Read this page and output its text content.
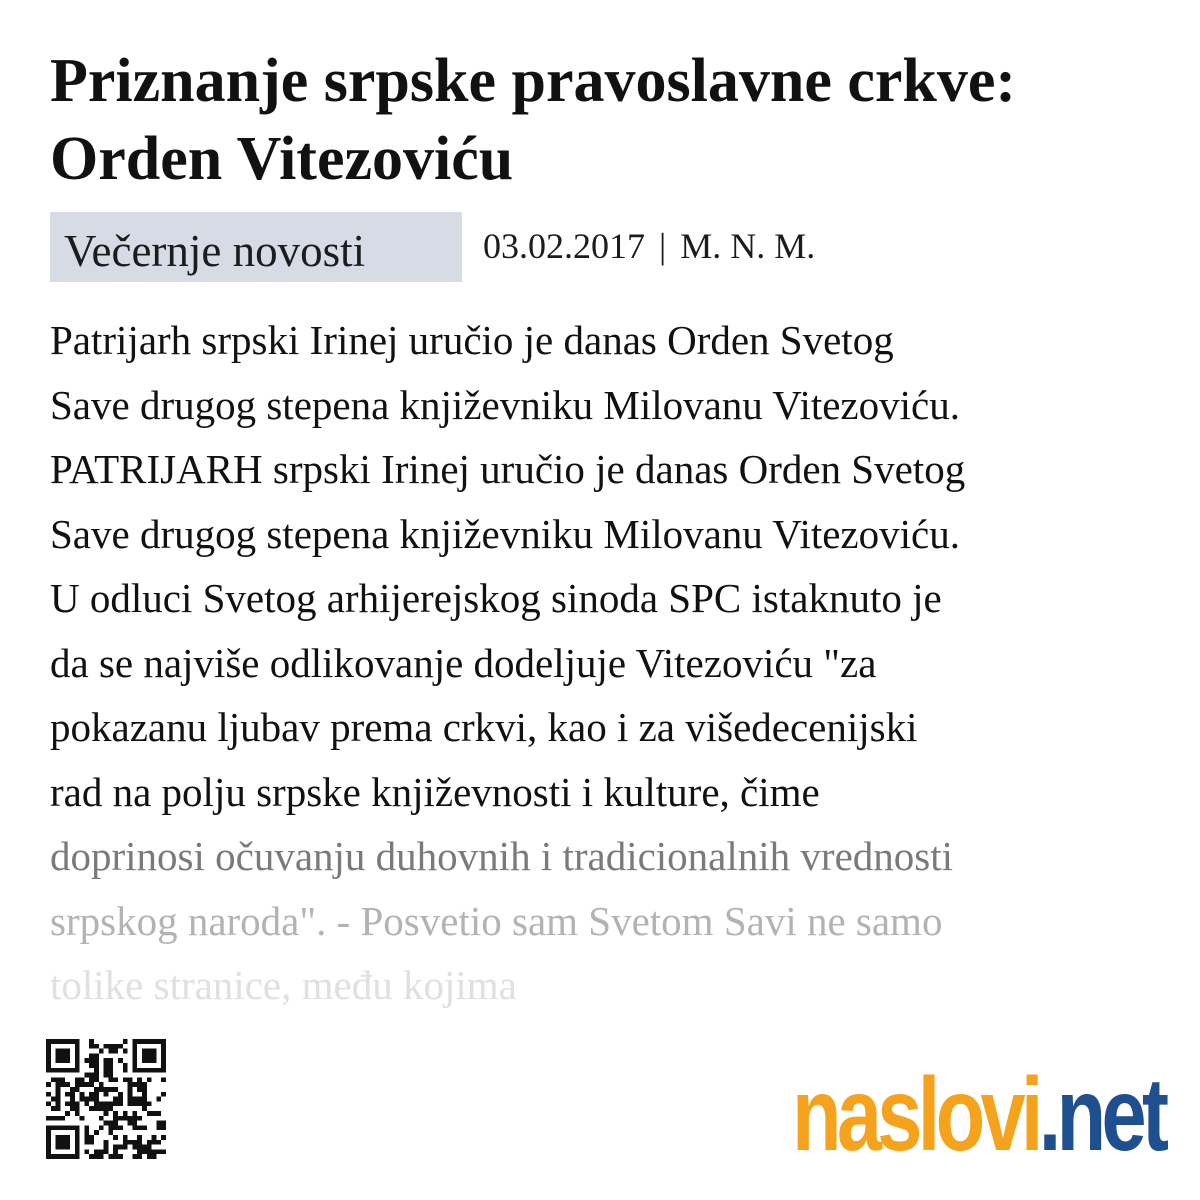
Priznanje srpske pravoslavne crkve: Orden Vitezoviću
Večernje novosti	03.02.2017 | M. N. M.
Patrijarh srpski Irinej uručio je danas Orden Svetog
Save drugog stepena književniku Milovanu Vitezoviću.
PATRIJARH srpski Irinej uručio je danas Orden Svetog
Save drugog stepena književniku Milovanu Vitezoviću.
U odluci Svetog arhijerejskog sinoda SPC istaknuto je
da se najviše odlikovanje dodeljuje Vitezoviću "za
pokazanu ljubav prema crkvi, kao i za višedecenijski
rad na polju srpske književnosti i kulture, čime
doprinosi očuvanju duhovnih i tradicionalnih vrednosti
srpskog naroda". - Posvetio sam Svetom Savi ne samo
tolike stranice, među kojima
naslovi.net
